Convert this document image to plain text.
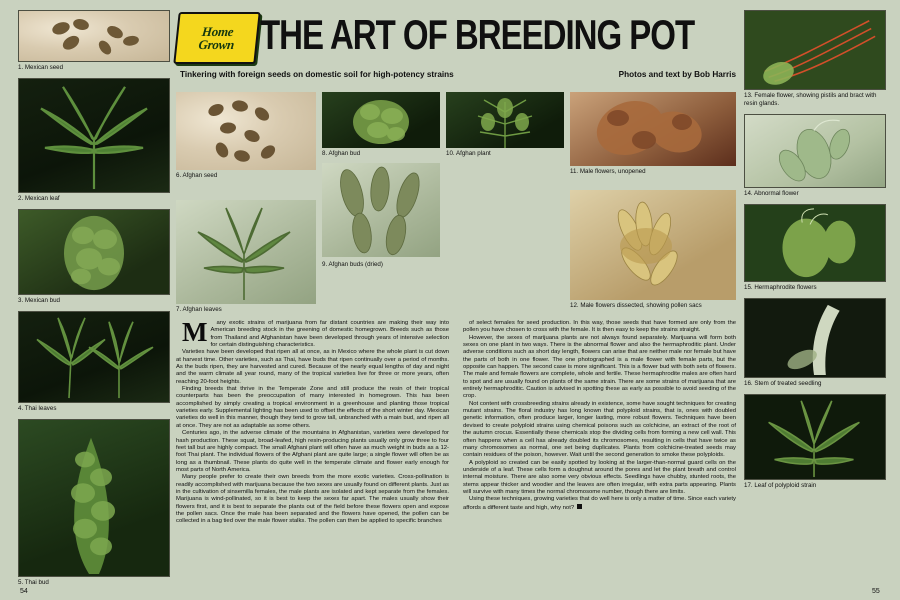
1. Mexican seed
2. Mexican leaf
3. Mexican bud
4. Thai leaves
5. Thai bud
Home
Grown THE ART OF BREEDING POT
Tinkering with foreign seeds on domestic soil for high-potency strains	Photos and text by Bob Harris
6. Afghan seed
8. Afghan bud	10. Afghan plant
11. Male flowers, unopened
7. Afghan leaves
9. Afghan buds (dried)
12. Male flowers dissected, showing pollen sacs
13. Female flower, showing pistils and bract with resin glands.
14. Abnormal flower
15. Hermaphrodite flowers
16. Stem of treated seedling
17. Leaf of polyploid strain

M	any exotic strains of marijuana from far distant countries are making their way into American breeding stock in the greening of domestic homegrown. Breeds such as those from Thailand and Afghanistan have been developed through years of intensive selection for certain distinguishing characteristics.

Varieties have been developed that ripen all at once, as in Mexico where the whole plant is cut down at harvest time. Other varieties, such as Thai, have buds that ripen continually over a period of months. As the buds ripen, they are harvested and cured. Because of the nearly equal lengths of day and night and the warm climate all year round, many of the tropical varieties live for three or more years, often reaching 20-foot heights.

Finding breeds that thrive in the Temperate Zone and still produce the resin of their tropical counterparts has been the preoccupation of many interested in homegrown. This has been accomplished by simply creating a tropical environment in a greenhouse and planting those tropical varieties early. Supplemental lighting has been used to offset the effects of the short winter day. Mexican varieties do well in this manner, though they tend to grow tall, unbranched with a main bud, and ripen all at once. They are not as adaptable as some others.

Centuries ago, in the adverse climate of the mountains in Afghanistan, varieties were developed for hash production. These squat, broad-leafed, high resin-producing plants usually only grow three to four feet tall but are highly compact. The small Afghani plant will often have as much weight in buds as a 12-foot Thai plant. The individual flowers of the Afghani plant are quite large; a single flower will often be as long as a thumbnail. These plants do quite well in the temperate climate and flower early enough for most parts of North America.

Many people prefer to create their own breeds from the more exotic varieties. Cross-pollination is readily accomplished with marijuana because the two sexes are usually found on different plants. Just as in the cultivation of sinsemilla females, the male plants are isolated and kept separate from the females. Marijuana is wind-pollinated, so it is best to keep the sexes far apart. The males usually show their flowers first, and it is best to separate the plants out of the field before these flowers open and expose the pollen sacs. Once the male has been separated and the flowers have opened, the pollen can be collected in a bag tied over the male flower stalks. The pollen can then be applied to specific branches

of select females for seed production. In this way, those seeds that have formed are only from the pollen you have chosen to cross with the female. It is then easy to keep the strains straight.

However, the sexes of marijuana plants are not always found separately. Marijuana will form both sexes on one plant in two ways. There is the abnormal flower and also the hermaphroditic plant. Under adverse conditions such as short day length, flowers can arise that are neither male nor female but have the parts of both in one flower. The one photographed is a male flower with female parts, but the opposite can happen. The second case is more significant. This is a flower bud with both sets of flowers. The male and female flowers are complete, whole and fertile. These hermaphrodite males are often hard to spot and are usually found on plants of the same strain. There are some strains of marijuana that are entirely hermaphroditic. Caution is advised in spotting these as early as possible to avoid seeding of the crop.

Not content with crossbreeding strains already in existence, some have sought techniques for creating mutant strains. The floral industry has long known that polyploid strains, that is, ones with doubled genetic information, often produce larger, longer lasting, more robust flowers. Techniques have been devised to create polyploid strains using chemical poisons such as colchicine, an extract of the root of the autumn crocus. Essentially these chemicals stop the dividing cells from forming a new cell wall. This often happens when a cell has already doubled its chromosomes, resulting in cells that have twice as many chromosomes as normal, one set being duplicates. Plants from colchicine-treated seeds may contain residues of the poison, however. Wait until the second generation to smoke these polyploids.

A polyploid so created can be easily spotted by looking at the larger-than-normal guard cells on the underside of a leaf. These cells form a doughnut around the pores and let the plant breath and control internal moisture. There are also some very obvious effects. Seedlings have chubby, stunted roots, the stems appear thicker and woodier and the leaves are often irregular, with extra parts appearing. Plants will survive with many times the normal chromosome number, though there are limits.

Using these techniques, growing varieties that do well here is only a matter of time. Since each variety affords a different taste and high, why not?

54	55
